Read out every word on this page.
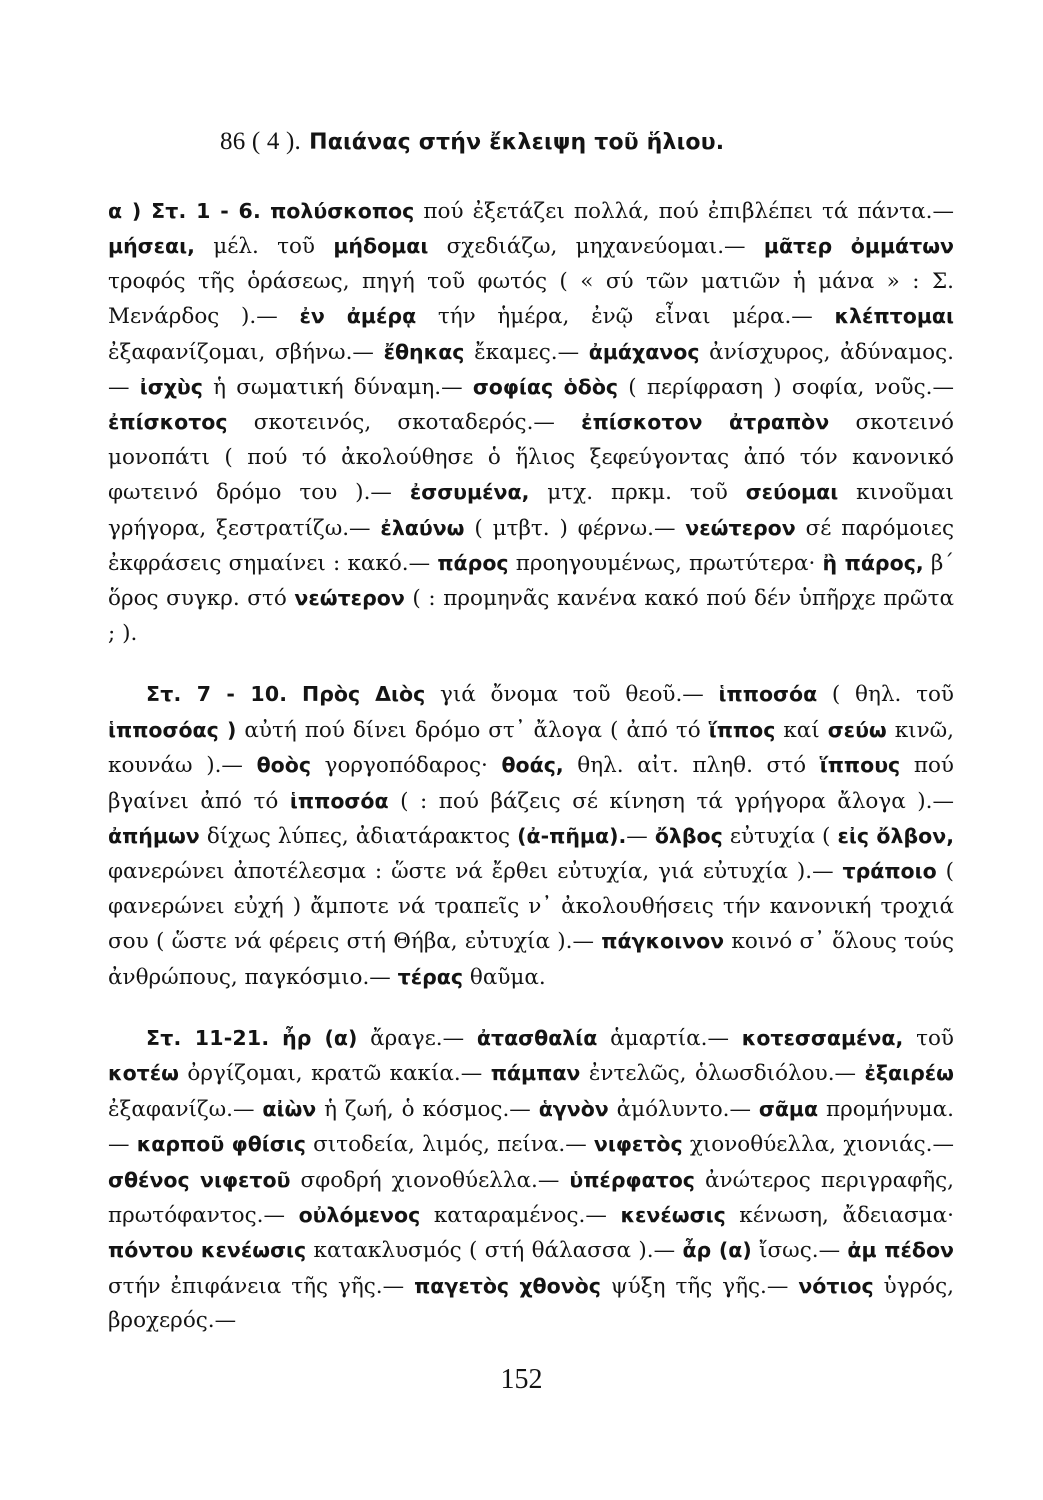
86 ( 4 ). Παιάνας στήν ἔκλειψη τοῦ ἥλιου.

α ) Στ. 1 - 6. πολύσκοπος πού ἐξετάζει πολλά, πού ἐπιβλέπει τά πάντα.— μήσεαι, μέλ. τοῦ μήδομαι σχεδιάζω, μηχανεύομαι.— μᾶτερ ὀμμάτων τροφός τῆς ὁράσεως, πηγή τοῦ φωτός ( « σύ τῶν ματιῶν ἡ μάνα » : Σ. Μενάρδος ).— ἐν ἀμέρᾳ τήν ἡμέρα, ἐνῷ εἶναι μέρα.— κλέπτομαι ἐξαφανίζομαι, σβήνω.— ἔθηκας ἔκαμες.— ἀμάχανος ἀνίσχυρος, ἀδύναμος.— ἰσχὺς ἡ σωματική δύναμη.— σοφίας ὁδὸς ( περίφραση ) σοφία, νοῦς.— ἐπίσκοτος σκοτεινός, σκοταδερός.— ἐπίσκοτον ἀτραπὸν σκοτεινό μονοπάτι ( πού τό ἀκολούθησε ὁ ἥλιος ξεφεύγοντας ἀπό τόν κανονικό φωτεινό δρόμο του ).— ἐσσυμένα, μτχ. πρκμ. τοῦ σεύομαι κινοῦμαι γρήγορα, ξεστρατίζω.— ἐλαύνω ( μτβτ. ) φέρνω.— νεώτερον σέ παρόμοιες ἐκφράσεις σημαίνει : κακό.— πάρος προηγουμένως, πρωτύτερα· ἢ πάρος, β΄ ὅρος συγκρ. στό νεώτερον ( : προμηνᾶς κανένα κακό πού δέν ὑπῆρχε πρῶτα ; ).

Στ. 7 - 10. Πρὸς Διὸς γιά ὄνομα τοῦ θεοῦ.— ἱπποσόα ( θηλ. τοῦ ἱπποσόας ) αὐτή πού δίνει δρόμο στ᾿ ἄλογα ( ἀπό τό ἵππος καί σεύω κινῶ, κουνάω ).— θοὸς γοργοπόδαρος· θοάς, θηλ. αἰτ. πληθ. στό ἵππους πού βγαίνει ἀπό τό ἱπποσόα ( : πού βάζεις σέ κίνηση τά γρήγορα ἄλογα ).— ἀπήμων δίχως λύπες, ἀδιατάρακτος (ἀ-πῆμα).— ὄλβος εὐτυχία ( εἰς ὄλβον, φανερώνει ἀποτέλεσμα : ὥστε νά ἔρθει εὐτυχία, γιά εὐτυχία ).— τράποιο ( φανερώνει εὐχή ) ἄμποτε νά τραπεῖς ν᾿ ἀκολουθήσεις τήν κανονική τροχιά σου ( ὥστε νά φέρεις στή Θήβα, εὐτυχία ).— πάγκοινον κοινό σ᾿ ὅλους τούς ἀνθρώπους, παγκόσμιο.— τέρας θαῦμα.

Στ. 11-21. ἦρ (α) ἄραγε.— ἀτασθαλία ἁμαρτία.— κοτεσσαμένα, τοῦ κοτέω ὀργίζομαι, κρατῶ κακία.— πάμπαν ἐντελῶς, ὁλωσδιόλου.— ἐξαιρέω ἐξαφανίζω.— αἰὼν ἡ ζωή, ὁ κόσμος.— ἁγνὸν ἀμόλυντο.— σᾶμα προμήνυμα.— καρποῦ φθίσις σιτοδεία, λιμός, πείνα.— νιφετὸς χιονοθύελλα, χιονιάς.— σθένος νιφετοῦ σφοδρή χιονοθύελλα.— ὑπέρφατος ἀνώτερος περιγραφῆς, πρωτόφαντος.— οὐλόμενος καταραμένος.— κενέωσις κένωση, ἄδειασμα· πόντου κενέωσις κατακλυσμός ( στή θάλασσα ).— ἆρ (α) ἴσως.— ἀμ πέδον στήν ἐπιφάνεια τῆς γῆς.— παγετὸς χθονὸς ψύξη τῆς γῆς.— νότιος ὑγρός, βροχερός.—

152
